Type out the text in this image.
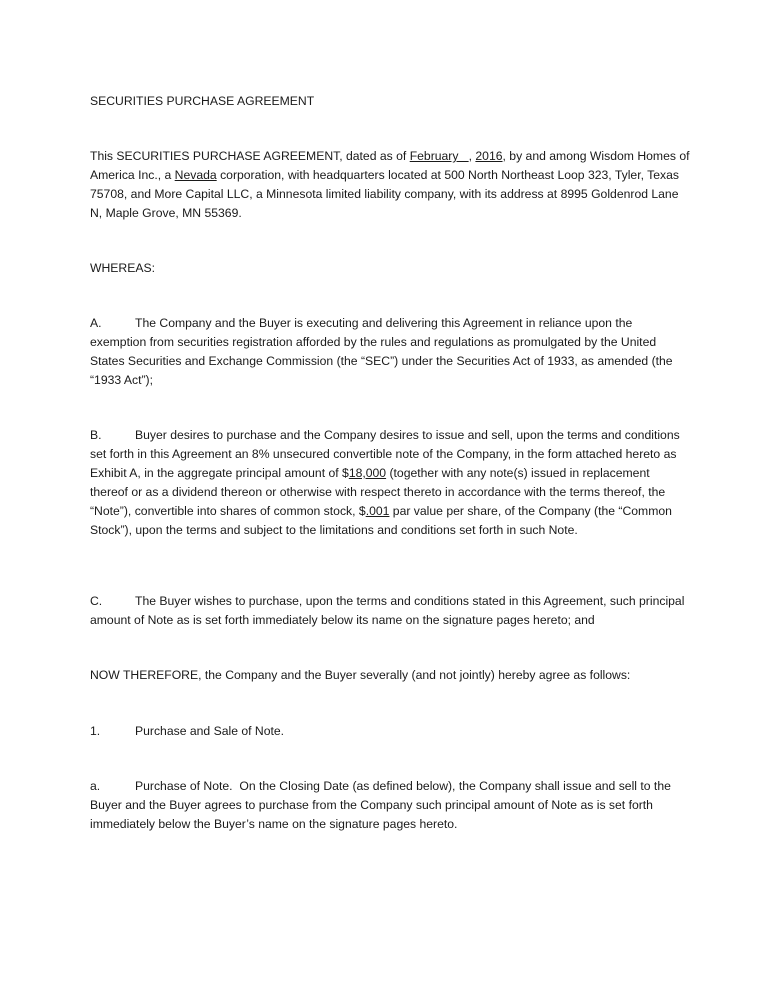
SECURITIES PURCHASE AGREEMENT

This SECURITIES PURCHASE AGREEMENT, dated as of February   , 2016, by and among Wisdom Homes of America Inc., a Nevada corporation, with headquarters located at 500 North Northeast Loop 323, Tyler, Texas 75708, and More Capital LLC, a Minnesota limited liability company, with its address at 8995 Goldenrod Lane N, Maple Grove, MN 55369.

WHEREAS:

A.	The Company and the Buyer is executing and delivering this Agreement in reliance upon the exemption from securities registration afforded by the rules and regulations as promulgated by the United States Securities and Exchange Commission (the “SEC”) under the Securities Act of 1933, as amended (the “1933 Act”);

B.	Buyer desires to purchase and the Company desires to issue and sell, upon the terms and conditions set forth in this Agreement an 8% unsecured convertible note of the Company, in the form attached hereto as Exhibit A, in the aggregate principal amount of $18,000 (together with any note(s) issued in replacement thereof or as a dividend thereon or otherwise with respect thereto in accordance with the terms thereof, the “Note”), convertible into shares of common stock, $.001 par value per share, of the Company (the “Common Stock”), upon the terms and subject to the limitations and conditions set forth in such Note.

C.	The Buyer wishes to purchase, upon the terms and conditions stated in this Agreement, such principal amount of Note as is set forth immediately below its name on the signature pages hereto; and

NOW THEREFORE, the Company and the Buyer severally (and not jointly) hereby agree as follows:

1.	Purchase and Sale of Note.

a.	Purchase of Note.  On the Closing Date (as defined below), the Company shall issue and sell to the Buyer and the Buyer agrees to purchase from the Company such principal amount of Note as is set forth immediately below the Buyer’s name on the signature pages hereto.
